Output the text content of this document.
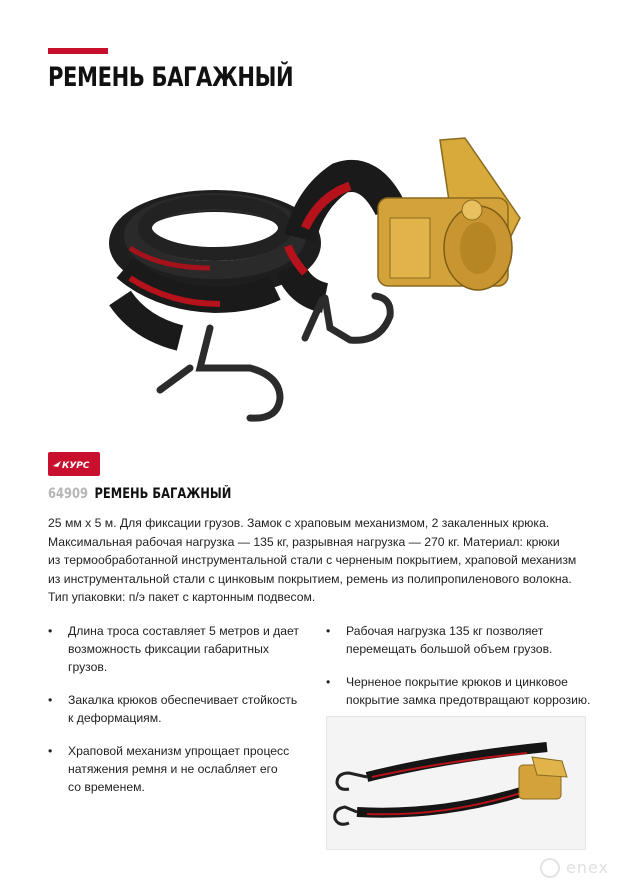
РЕМЕНЬ БАГАЖНЫЙ
КУРС
64909 РЕМЕНЬ БАГАЖНЫЙ

25 мм х 5 м. Для фиксации грузов. Замок с храповым механизмом, 2 закаленных крюка.

Максимальная рабочая нагрузка — 135 кг, разрывная нагрузка — 270 кг. Материал: крюки

из термообработанной инструментальной стали с черненым покрытием, храповой механизм

из инструментальной стали с цинковым покрытием, ремень из полипропиленового волокна.

Тип упаковки: п/э пакет с картонным подвесом.

• Длина троса составляет 5 метров и дает
возможность фиксации габаритных грузов.
• Закалка крюков обеспечивает стойкость
к деформациям.
• Храповой механизм упрощает процесс
натяжения ремня и не ослабляет его
со временем.
• Рабочая нагрузка 135 кг позволяет
перемещать большой объем грузов.
• Черненое покрытие крюков и цинковое
покрытие замка предотвращают коррозию.
enex
